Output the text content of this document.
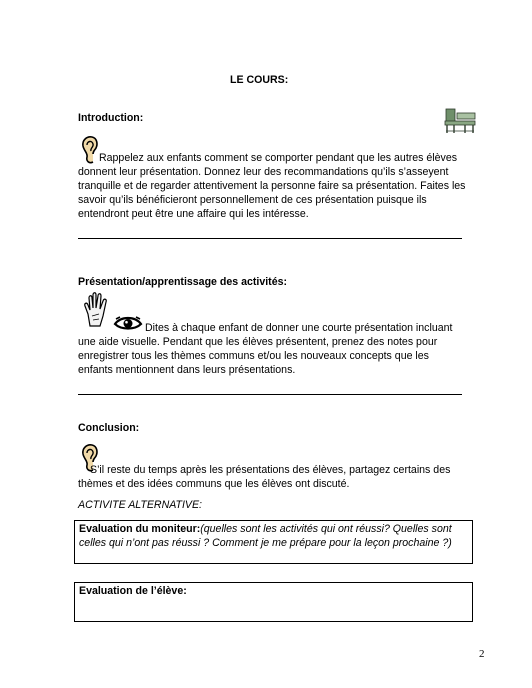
LE COURS:
Introduction:
Rappelez aux enfants comment se comporter pendant que les autres élèves donnent leur présentation. Donnez leur des recommandations qu’ils s’asseyent tranquille et de regarder attentivement la personne faire sa présentation. Faites les savoir qu’ils bénéficieront personnellement de ces présentation puisque ils entendront peut être une affaire qui les intéresse.
Présentation/apprentissage des activités:
Dites à chaque enfant de donner une courte présentation incluant une aide visuelle. Pendant que les élèves présentent, prenez des notes pour enregistrer tous les thèmes communs et/ou les nouveaux concepts que les enfants mentionnent dans leurs présentations.
Conclusion:
S’il reste du temps après les présentations des élèves, partagez certains des thèmes et des idées communs que les élèves ont discuté.
ACTIVITE ALTERNATIVE:
Evaluation du moniteur:(quelles sont les activités qui ont réussi? Quelles sont celles qui n’ont pas réussi ? Comment je me prépare pour la leçon prochaine ?)
Evaluation de l’élève:
2
